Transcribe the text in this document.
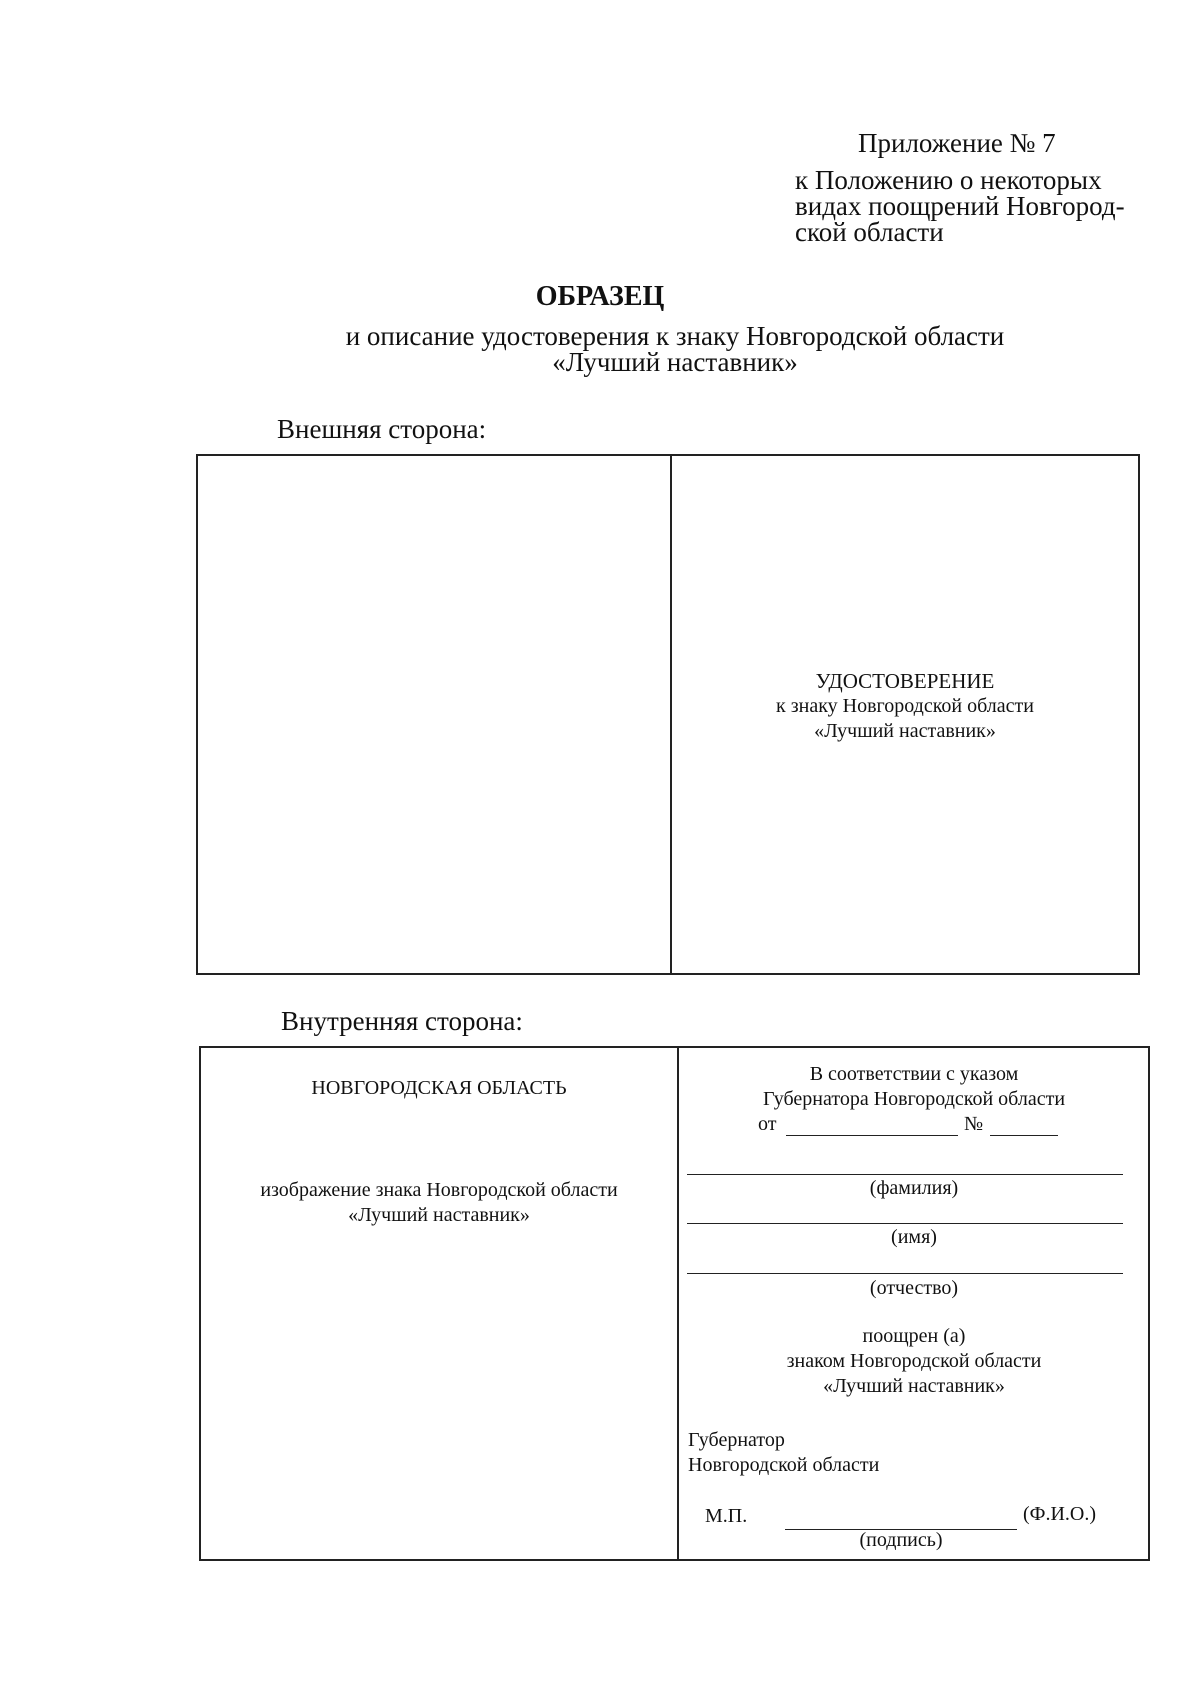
Приложение № 7
к Положению о некоторых
видах поощрений Новгород-
ской области
ОБРАЗЕЦ
и описание удостоверения к знаку Новгородской области
«Лучший наставник»
Внешняя сторона:
УДОСТОВЕРЕНИЕ
к знаку Новгородской области
«Лучший наставник»
Внутренняя сторона:
НОВГОРОДСКАЯ ОБЛАСТЬ
изображение знака Новгородской области
«Лучший наставник»
В соответствии с указом
Губернатора Новгородской области
от	№
(фамилия)
(имя)
(отчество)
поощрен (а)
знаком Новгородской области
«Лучший наставник»
Губернатор
Новгородской области
М.П.	(Ф.И.О.)
(подпись)
